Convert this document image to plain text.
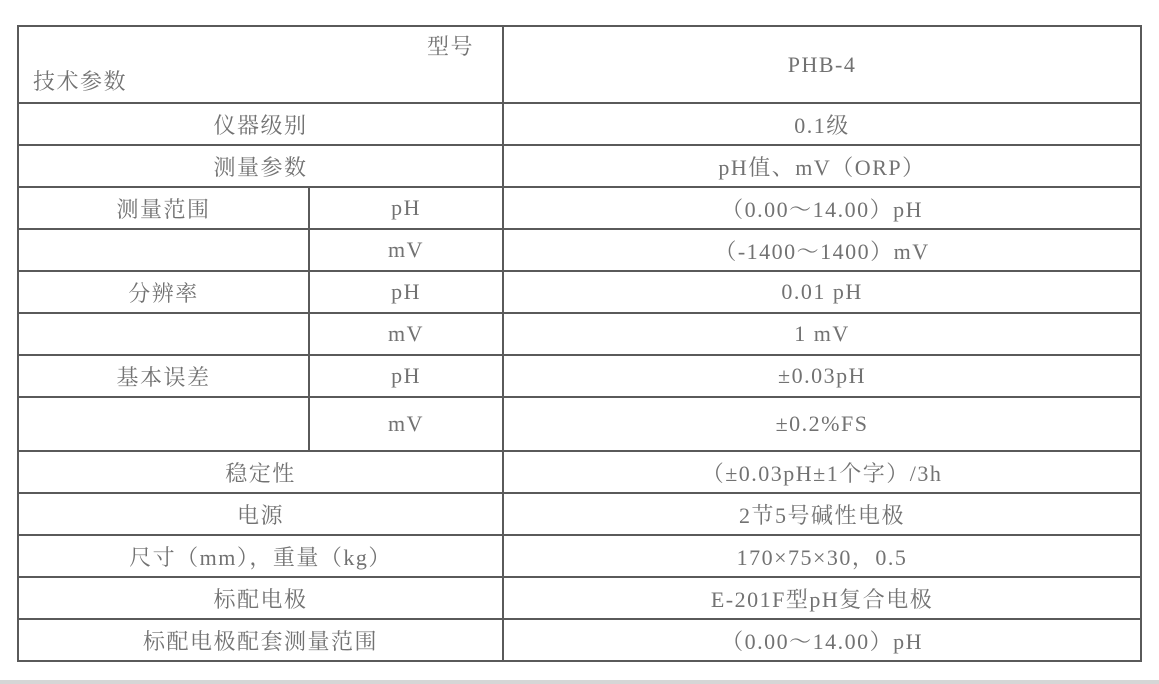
型号
技术参数		PHB-4
仪器级别		0.1级
测量参数		pH值、mV（ORP）
测量范围	pH	（0.00～14.00）pH
	mV	（-1400～1400）mV
分辨率	pH	0.01 pH
	mV	1 mV
基本误差	pH	±0.03pH
	mV	±0.2%FS
稳定性		（±0.03pH±1个字）/3h
电源		2节5号碱性电极
尺寸（mm），重量（kg）		170×75×30，0.5
标配电极		E-201F型pH复合电极
标配电极配套测量范围		（0.00～14.00）pH
